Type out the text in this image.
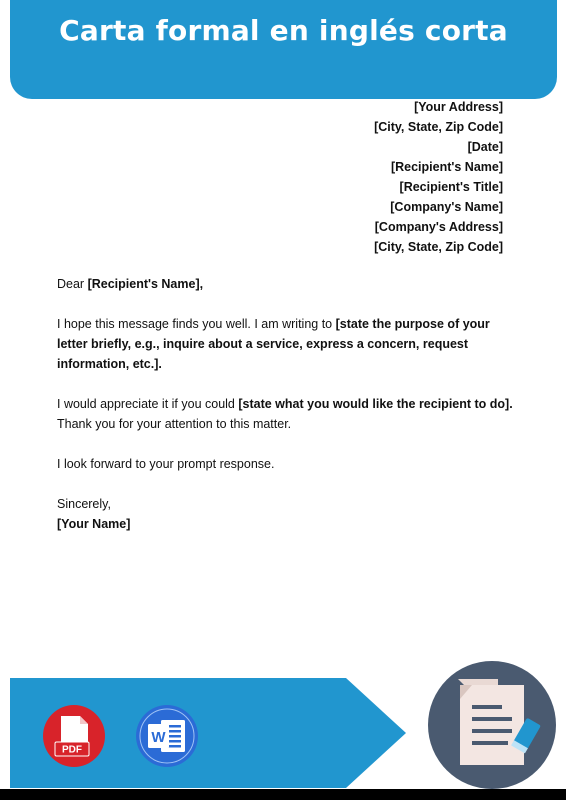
Carta formal en inglés corta
[Your Address]
[City, State, Zip Code]
[Date]
[Recipient's Name]
[Recipient's Title]
[Company's Name]
[Company's Address]
[City, State, Zip Code]

Dear [Recipient's Name],

I hope this message finds you well. I am writing to [state the purpose of your letter briefly, e.g., inquire about a service, express a concern, request information, etc.].

I would appreciate it if you could [state what you would like the recipient to do].
Thank you for your attention to this matter.

I look forward to your prompt response.

Sincerely,
[Your Name]

PDF
W
